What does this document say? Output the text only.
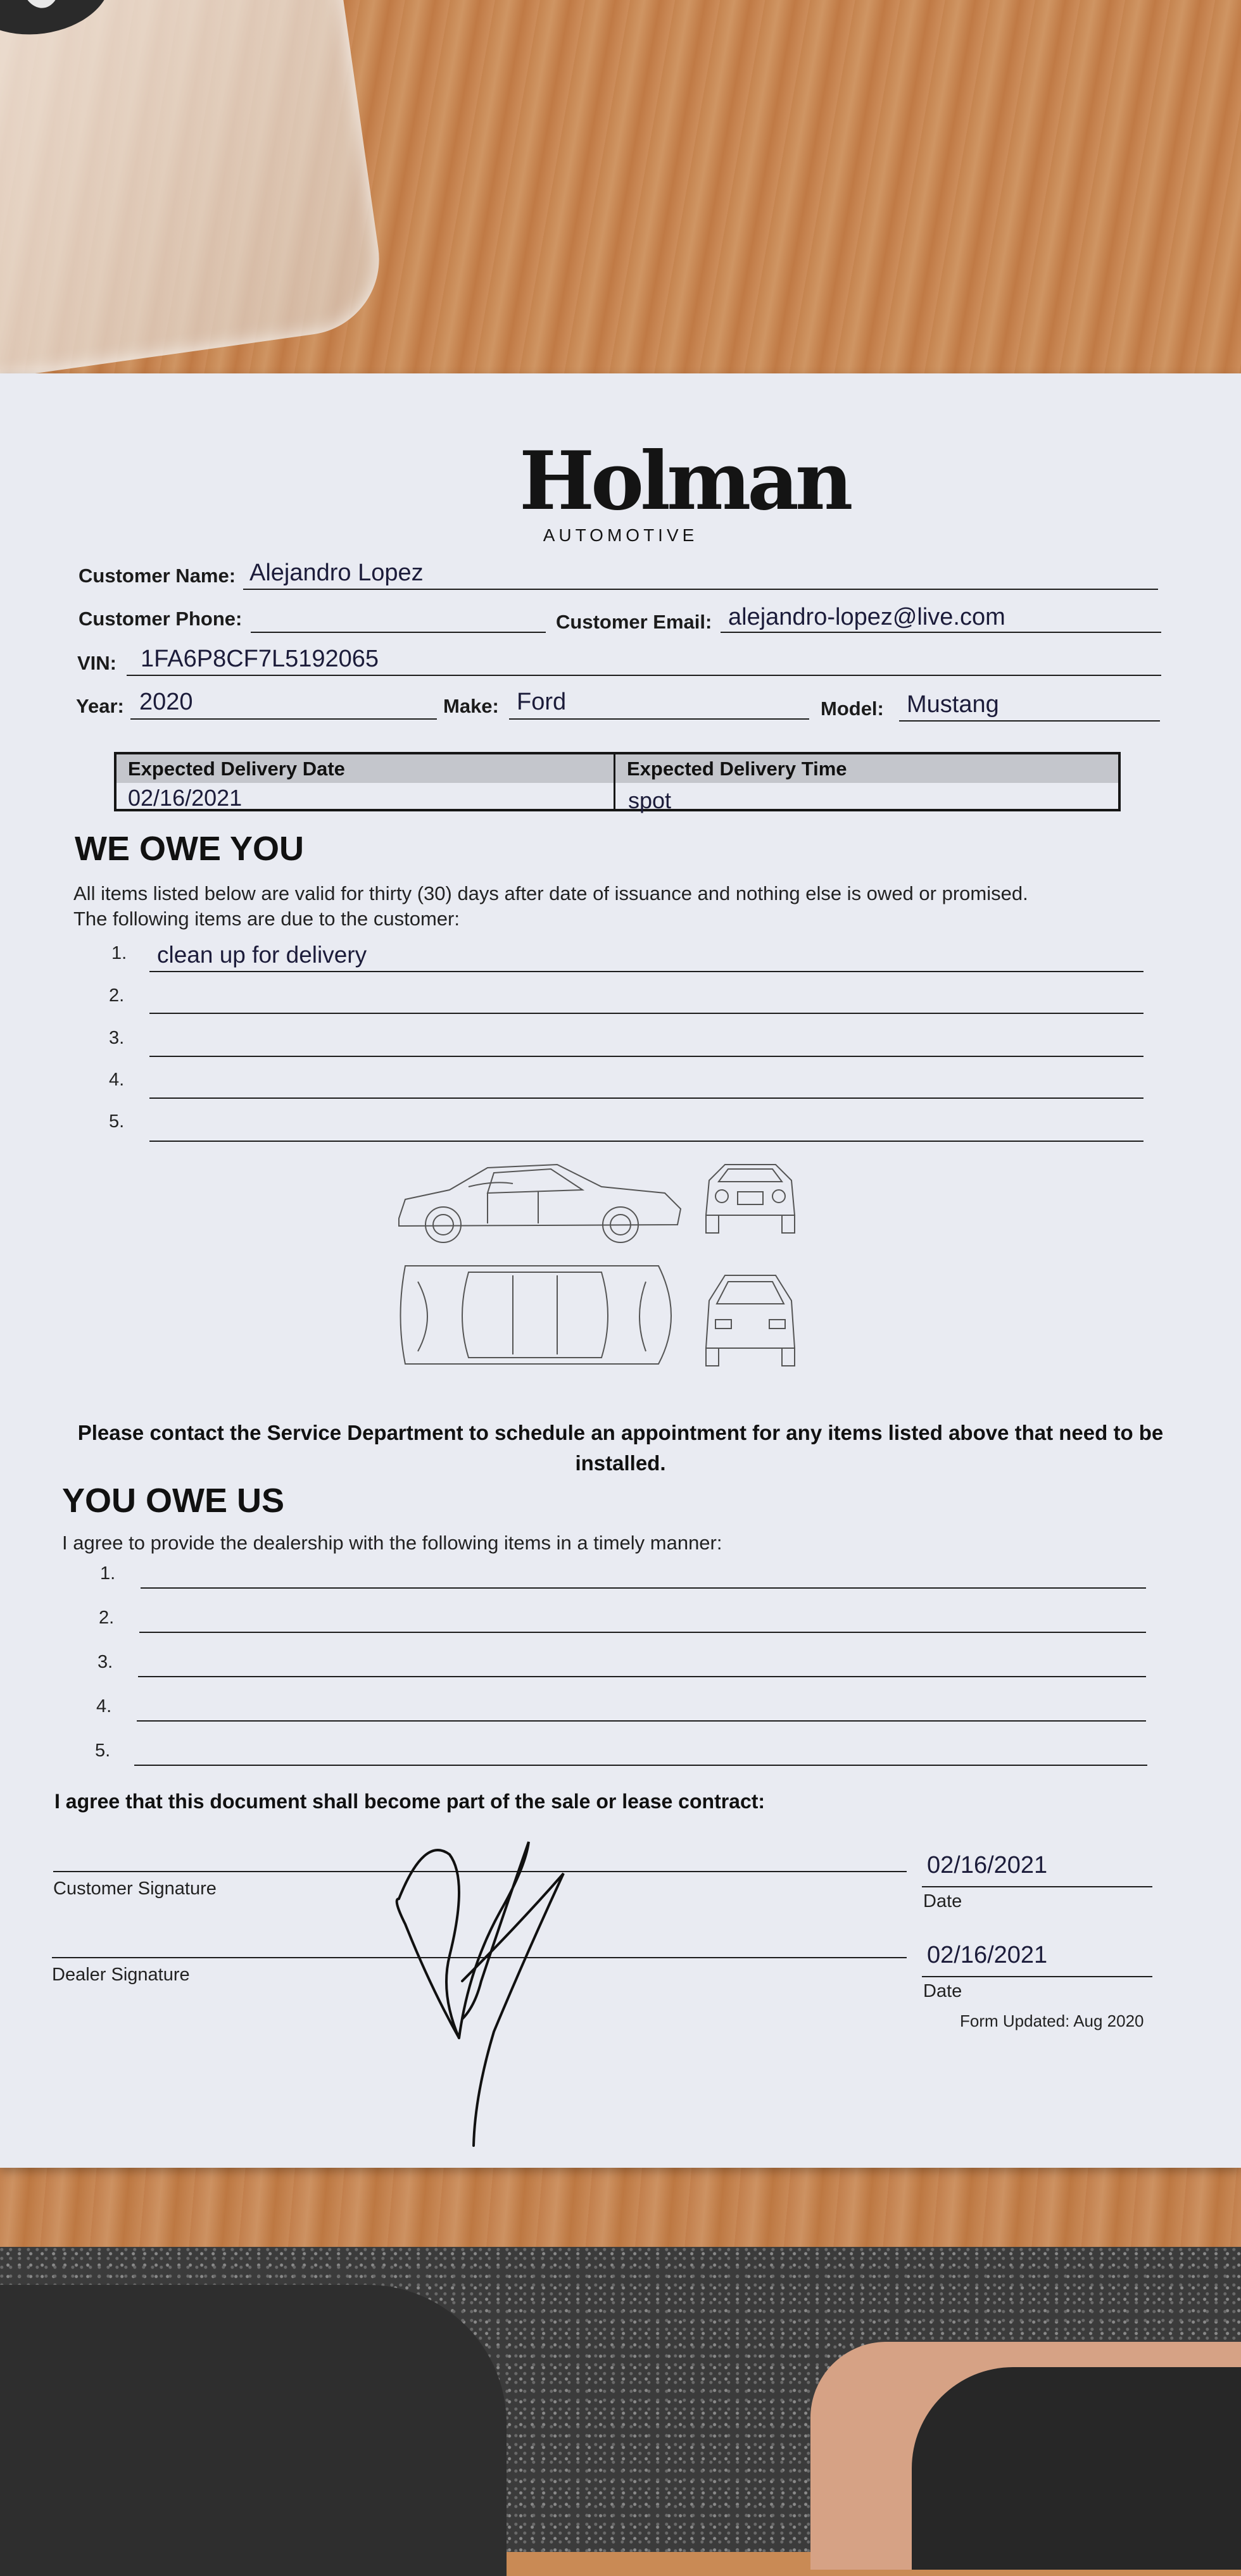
Holman
AUTOMOTIVE
Customer Name: Alejandro Lopez
Customer Phone:	Customer Email: alejandro-lopez@live.com
VIN: 1FA6P8CF7L5192065
Year: 2020	Make: Ford	Model: Mustang
Expected Delivery Date	Expected Delivery Time
02/16/2021	spot
WE OWE YOU
All items listed below are valid for thirty (30) days after date of issuance and nothing else is owed or promised.
The following items are due to the customer:
1. clean up for delivery
2.
3.
4.
5.
Please contact the Service Department to schedule an appointment for any items listed above that need to be installed.
YOU OWE US
I agree to provide the dealership with the following items in a timely manner:
1.
2.
3.
4.
5.
I agree that this document shall become part of the sale or lease contract:
Customer Signature
02/16/2021
Date
Dealer Signature
02/16/2021
Date
Form Updated: Aug 2020
